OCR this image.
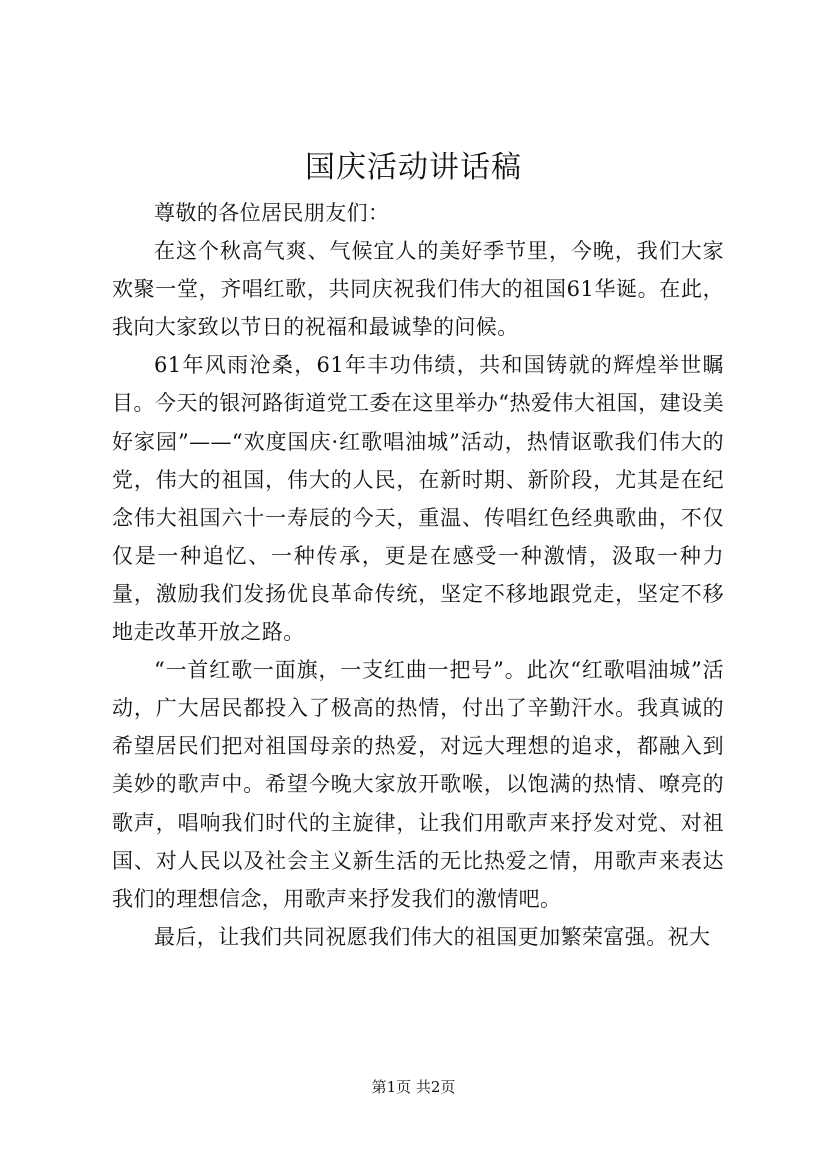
国庆活动讲话稿

尊敬的各位居民朋友们：

在这个秋高气爽、气候宜人的美好季节里，今晚，我们大家欢聚一堂，齐唱红歌，共同庆祝我们伟大的祖国61华诞。在此，我向大家致以节日的祝福和最诚挚的问候。

61年风雨沧桑，61年丰功伟绩，共和国铸就的辉煌举世瞩目。今天的银河路街道党工委在这里举办“热爱伟大祖国，建设美好家园”——“欢度国庆·红歌唱油城”活动，热情讴歌我们伟大的党，伟大的祖国，伟大的人民，在新时期、新阶段，尤其是在纪念伟大祖国六十一寿辰的今天，重温、传唱红色经典歌曲，不仅仅是一种追忆、一种传承，更是在感受一种激情，汲取一种力量，激励我们发扬优良革命传统，坚定不移地跟党走，坚定不移地走改革开放之路。

“一首红歌一面旗，一支红曲一把号”。此次“红歌唱油城”活动，广大居民都投入了极高的热情，付出了辛勤汗水。我真诚的希望居民们把对祖国母亲的热爱，对远大理想的追求，都融入到美妙的歌声中。希望今晚大家放开歌喉，以饱满的热情、嘹亮的歌声，唱响我们时代的主旋律，让我们用歌声来抒发对党、对祖国、对人民以及社会主义新生活的无比热爱之情，用歌声来表达我们的理想信念，用歌声来抒发我们的激情吧。

最后，让我们共同祝愿我们伟大的祖国更加繁荣富强。祝大

第1页 共2页
